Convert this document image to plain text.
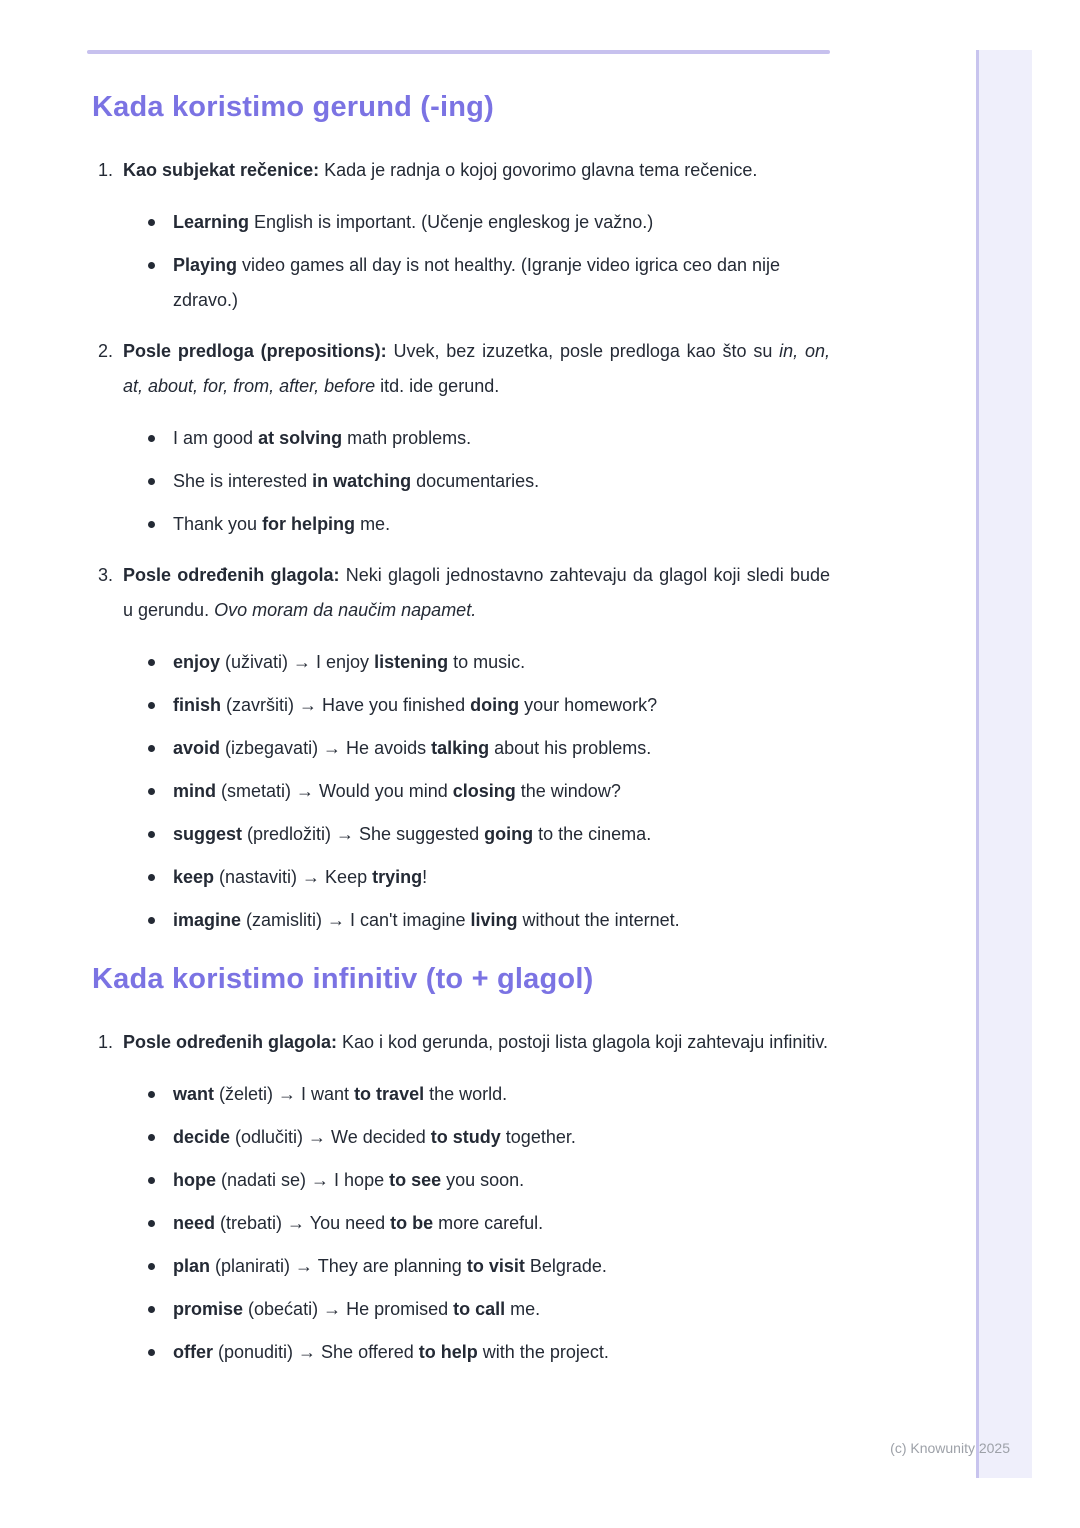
Kada koristimo gerund (-ing)
1. Kao subjekat rečenice: Kada je radnja o kojoj govorimo glavna tema rečenice.

Learning English is important. (Učenje engleskog je važno.)
Playing video games all day is not healthy. (Igranje video igrica ceo dan nije zdravo.)
2. Posle predloga (prepositions): Uvek, bez izuzetka, posle predloga kao što su in, on, at, about, for, from, after, before itd. ide gerund.

I am good at solving math problems.
She is interested in watching documentaries.
Thank you for helping me.
3. Posle određenih glagola: Neki glagoli jednostavno zahtevaju da glagol koji sledi bude u gerundu. Ovo moram da naučim napamet.

enjoy (uživati) → I enjoy listening to music.
finish (završiti) → Have you finished doing your homework?
avoid (izbegavati) → He avoids talking about his problems.
mind (smetati) → Would you mind closing the window?
suggest (predložiti) → She suggested going to the cinema.
keep (nastaviti) → Keep trying!
imagine (zamisliti) → I can't imagine living without the internet.
Kada koristimo infinitiv (to + glagol)
1. Posle određenih glagola: Kao i kod gerunda, postoji lista glagola koji zahtevaju infinitiv.

want (želeti) → I want to travel the world.
decide (odlučiti) → We decided to study together.
hope (nadati se) → I hope to see you soon.
need (trebati) → You need to be more careful.
plan (planirati) → They are planning to visit Belgrade.
promise (obećati) → He promised to call me.
offer (ponuditi) → She offered to help with the project.
(c) Knowunity 2025
